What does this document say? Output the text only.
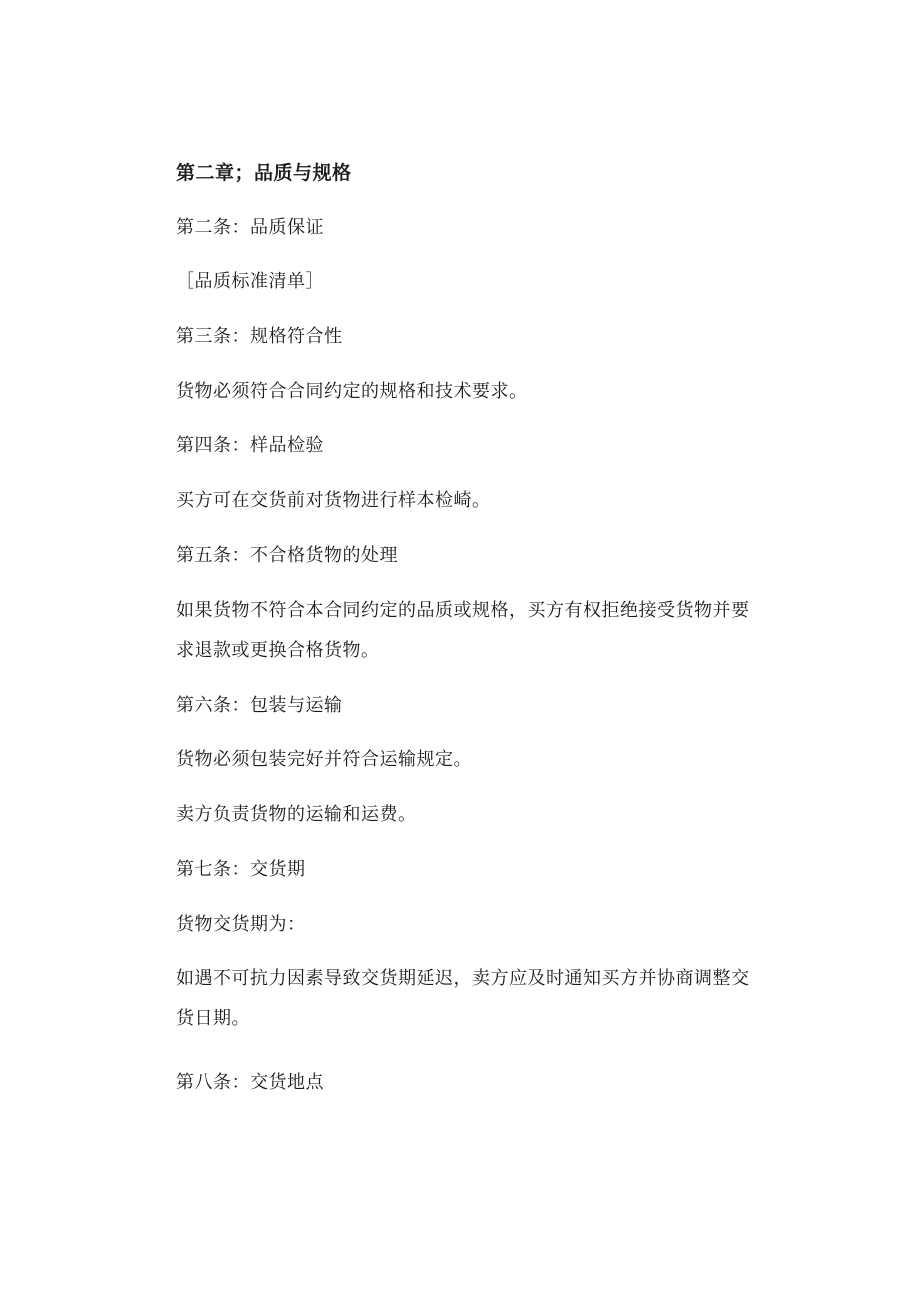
第二章；品质与规格
第二条：品质保证
［品质标准清单］
第三条：规格符合性
货物必须符合合同约定的规格和技术要求。
第四条：样品检验
买方可在交货前对货物进行样本检崎。
第五条：不合格货物的处理
如果货物不符合本合同约定的品质或规格，买方有权拒绝接受货物并要
求退款或更换合格货物。
第六条：包装与运输
货物必须包装完好并符合运输规定。
卖方负责货物的运输和运费。
第七条：交货期
货物交货期为：
如遇不可抗力因素导致交货期延迟，卖方应及时通知买方并协商调整交
货日期。
第八条：交货地点
